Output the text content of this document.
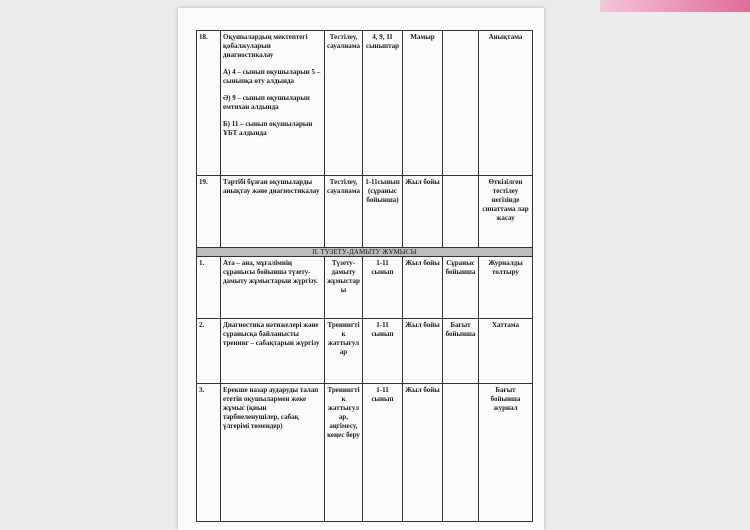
18.	Оқушылардың мектептегі қобалжуларын диагностикалау

А) 4 – сынып оқушыларын 5 – сыныпқа өту алдында

Ә) 9 – сынып оқушыларын емтихан алдында

Б) 11 – сынып оқушыларын ҰБТ алдында	Тестілеу, сауалнама	4, 9, 11 сыныптар	Мамыр		Анықтама
19.	Тәртібі бұзған оқушыларды анықтау және диагностикалау	Тестілеу, сауалнама	1-11сынып (сұраныс бойынша)	Жыл бойы		Өткізілген тестілеу негізінде сипаттама лар жасау
II. ТҮЗЕТУ-ДАМЫТУ ЖҰМЫСЫ						
1.	Ата – ана, мұғалімнің сұранысы бойынша түзету-дамыту жұмыстарын жүргізу.	Түзету-дамыту жұмыстары	1-11 сынып	Жыл бойы	Сұраныс бойынша	Журналды толтыру
2.	Диагностика нәтижелері және сұранысқа байланысты тренинг – сабақтарын жүргізу	Тренингтік жаттығулар	1-11 сынып	Жыл бойы	Бағыт бойынша	Хаттама
3.	Ерекше назар аударуды талап ететін оқушылармен жеке жұмыс (қиын тәрбиеленушілер, сабақ үлгерімі төмендер)	Тренингтік жаттығулар, әңгімесу, кеңес беру	1-11 сынып	Жыл бойы		Бағыт бойынша журнал
